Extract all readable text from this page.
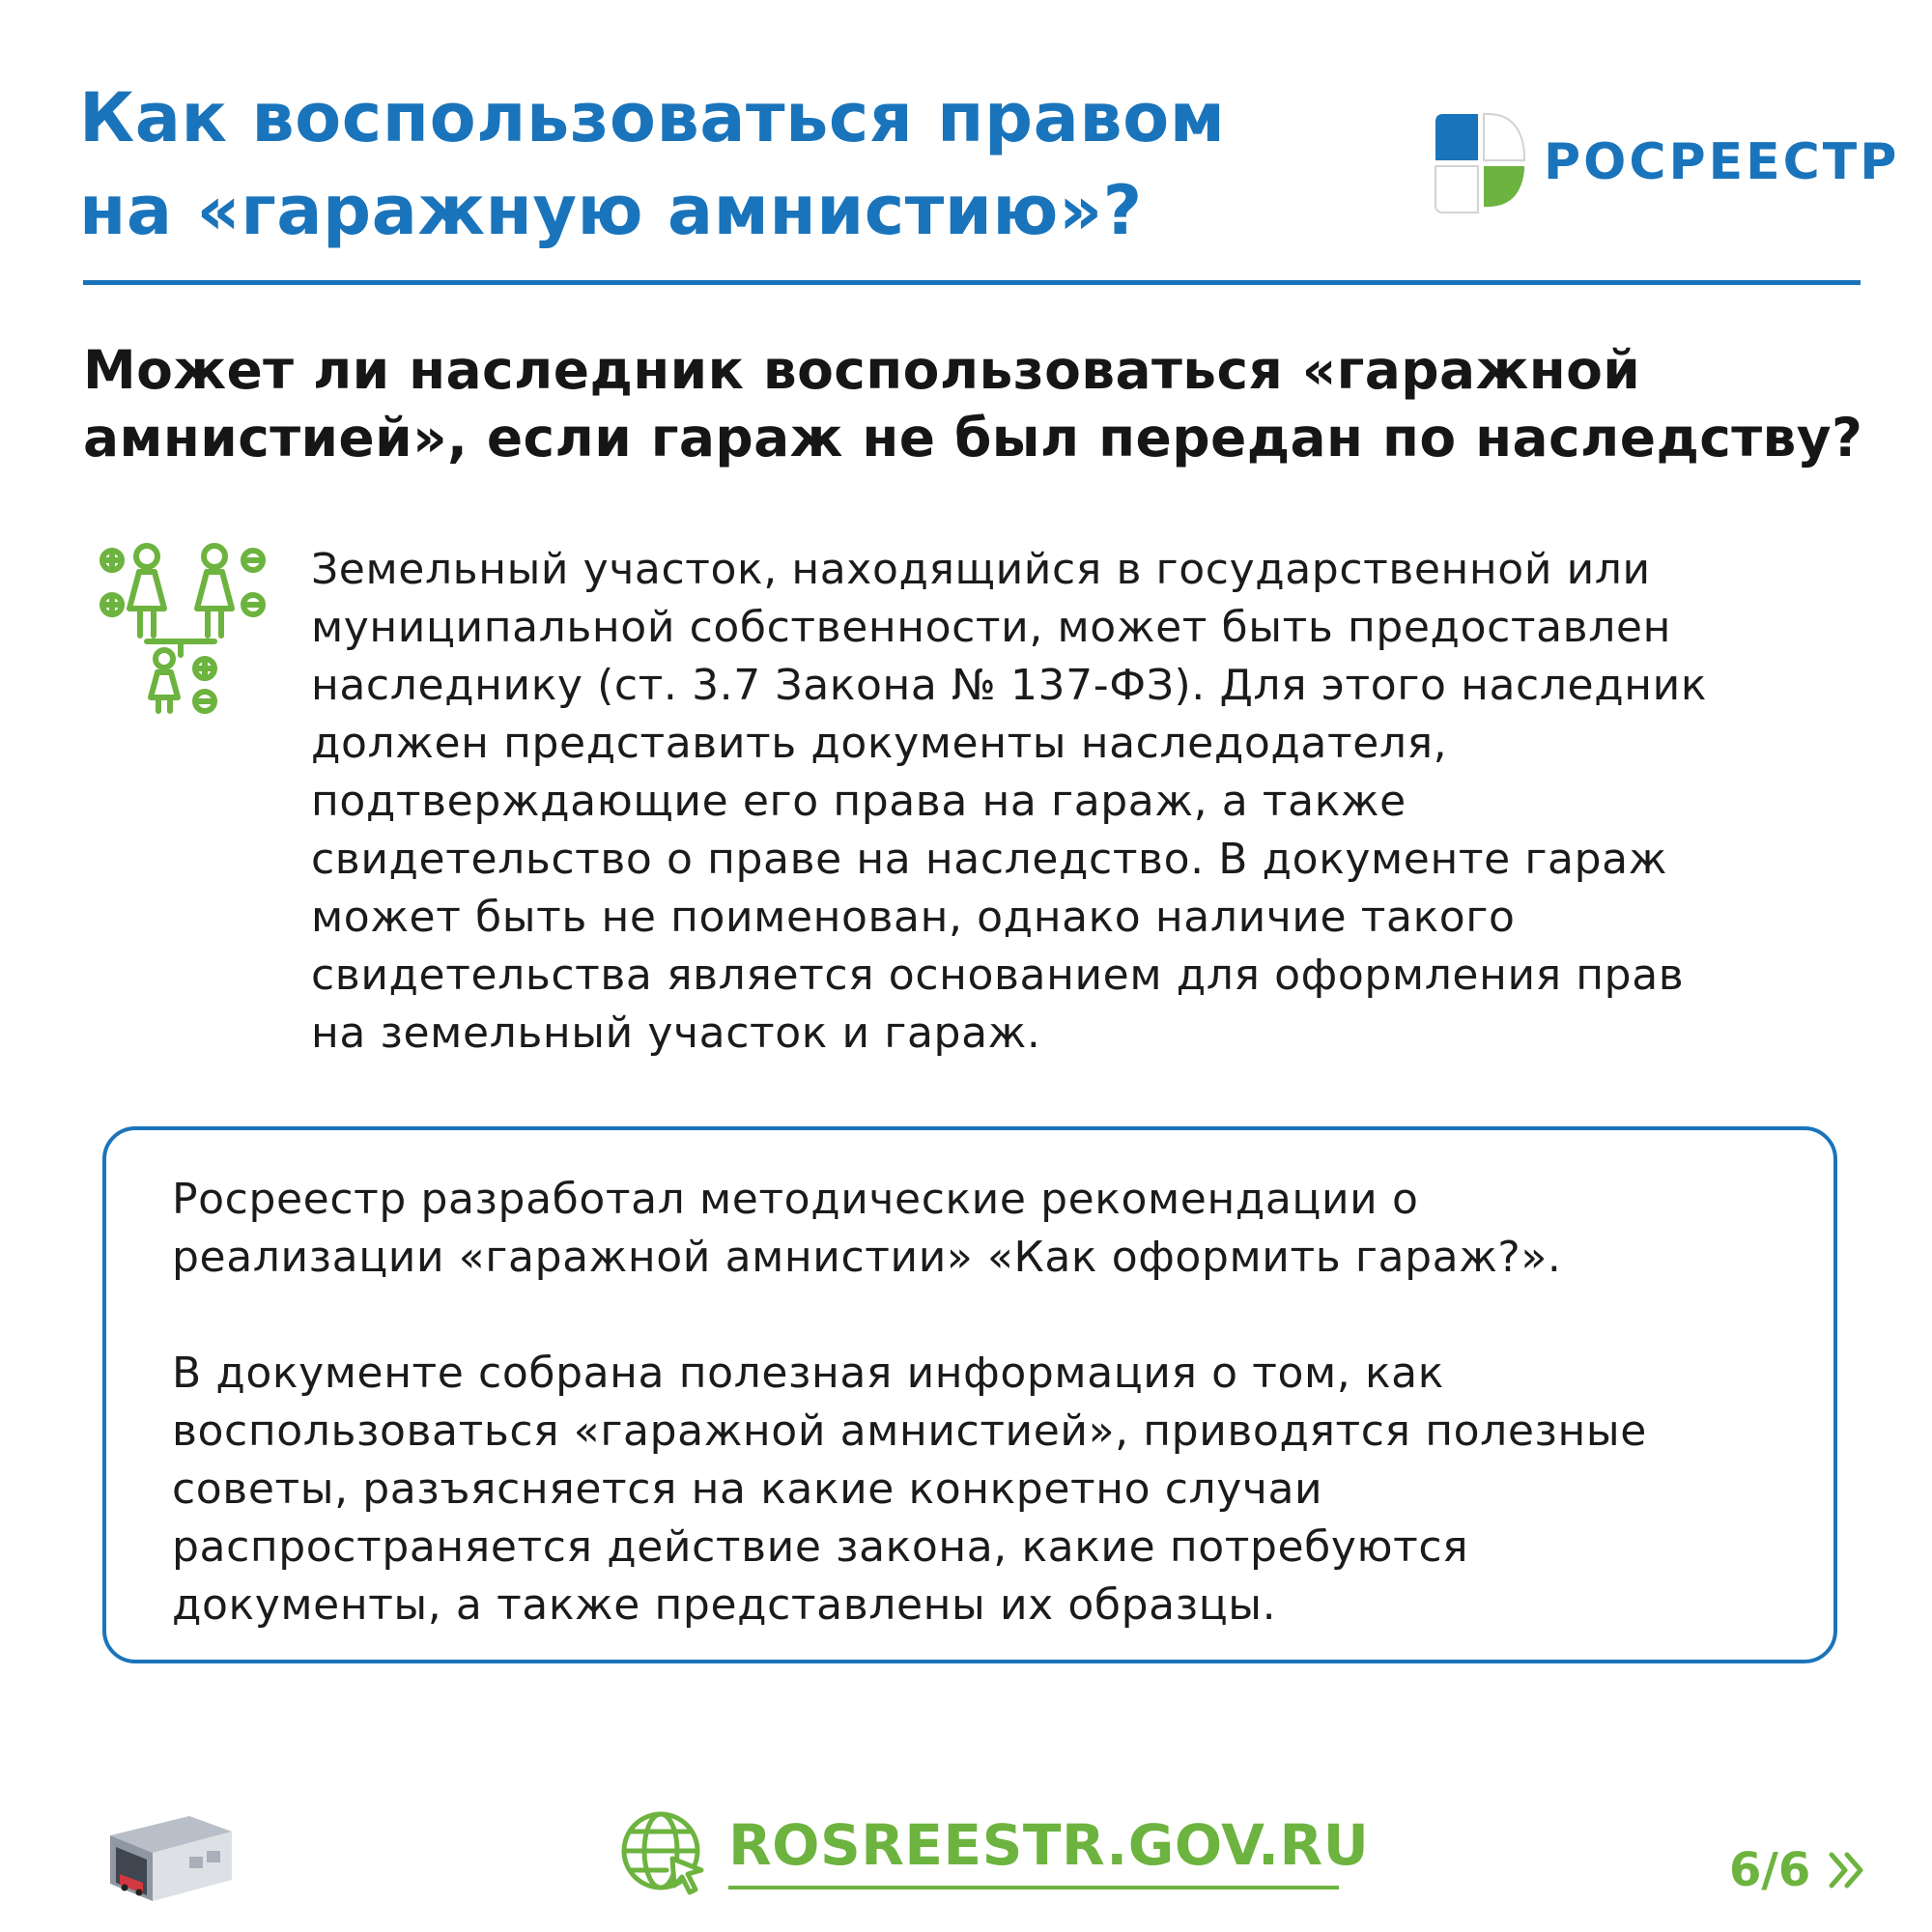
Как воспользоваться правом
на «гаражную амнистию»?
РОСРЕЕСТР
Может ли наследник воспользоваться «гаражной
амнистией», если гараж не был передан по наследству?

Земельный участок, находящийся в государственной или
муниципальной собственности, может быть предоставлен
наследнику (ст. 3.7 Закона № 137-ФЗ). Для этого наследник
должен представить документы наследодателя,
подтверждающие его права на гараж, а также
свидетельство о праве на наследство. В документе гараж
может быть не поименован, однако наличие такого
свидетельства является основанием для оформления прав
на земельный участок и гараж.

Росреестр разработал методические рекомендации о
реализации «гаражной амнистии» «Как оформить гараж?».

В документе собрана полезная информация о том, как
воспользоваться «гаражной амнистией», приводятся полезные
советы, разъясняется на какие конкретно случаи
распространяется действие закона, какие потребуются
документы, а также представлены их образцы.

ROSREESTR.GOV.RU	6/6
